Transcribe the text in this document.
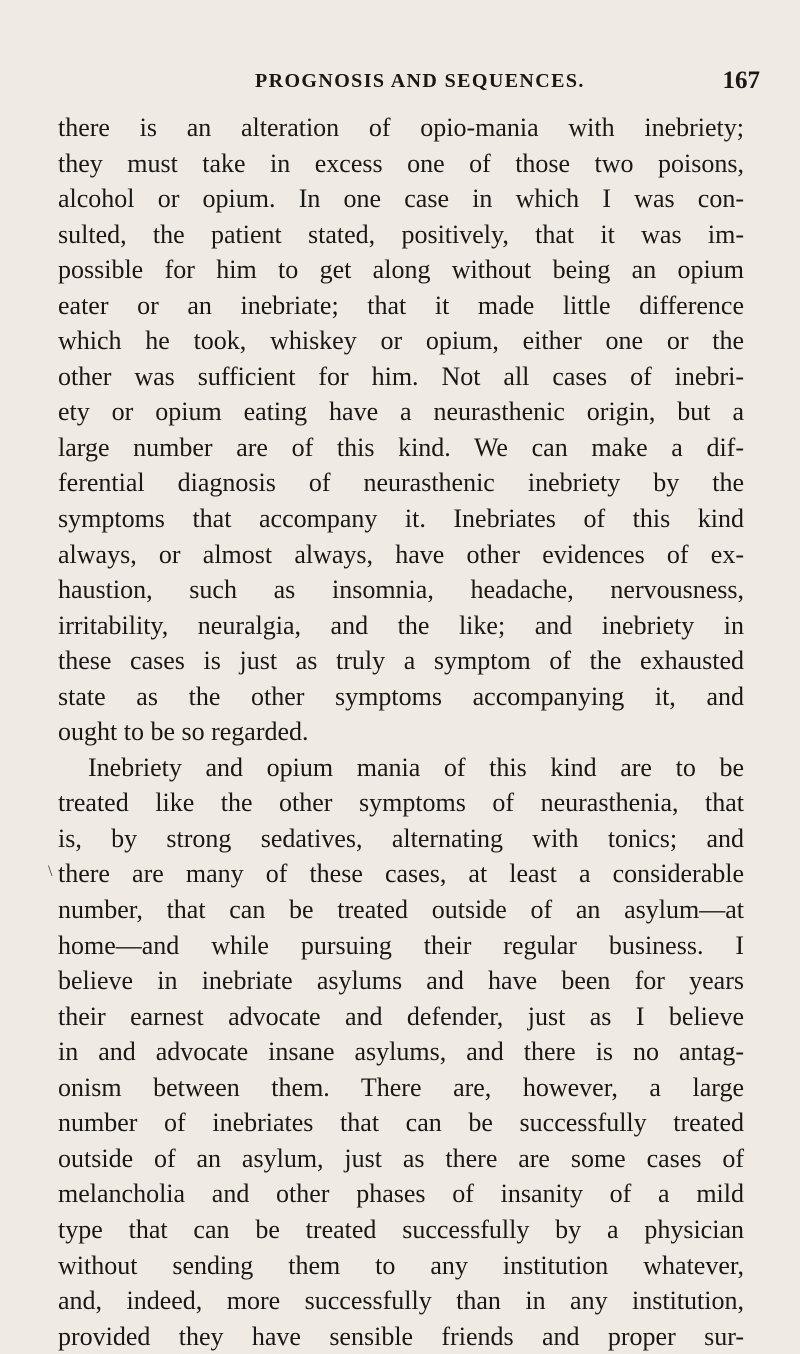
PROGNOSIS AND SEQUENCES.	167
\
there is an alteration of opio-mania with inebriety;
they must take in excess one of those two poisons,
alcohol or opium. In one case in which I was con-
sulted, the patient stated, positively, that it was im-
possible for him to get along without being an opium
eater or an inebriate; that it made little difference
which he took, whiskey or opium, either one or the
other was sufficient for him. Not all cases of inebri-
ety or opium eating have a neurasthenic origin, but a
large number are of this kind. We can make a dif-
ferential diagnosis of neurasthenic inebriety by the
symptoms that accompany it. Inebriates of this kind
always, or almost always, have other evidences of ex-
haustion, such as insomnia, headache, nervousness,
irritability, neuralgia, and the like; and inebriety in
these cases is just as truly a symptom of the exhausted
state as the other symptoms accompanying it, and
ought to be so regarded.
Inebriety and opium mania of this kind are to be
treated like the other symptoms of neurasthenia, that
is, by strong sedatives, alternating with tonics; and
there are many of these cases, at least a considerable
number, that can be treated outside of an asylum—at
home—and while pursuing their regular business. I
believe in inebriate asylums and have been for years
their earnest advocate and defender, just as I believe
in and advocate insane asylums, and there is no antag-
onism between them. There are, however, a large
number of inebriates that can be successfully treated
outside of an asylum, just as there are some cases of
melancholia and other phases of insanity of a mild
type that can be treated successfully by a physician
without sending them to any institution whatever,
and, indeed, more successfully than in any institution,
provided they have sensible friends and proper sur-
